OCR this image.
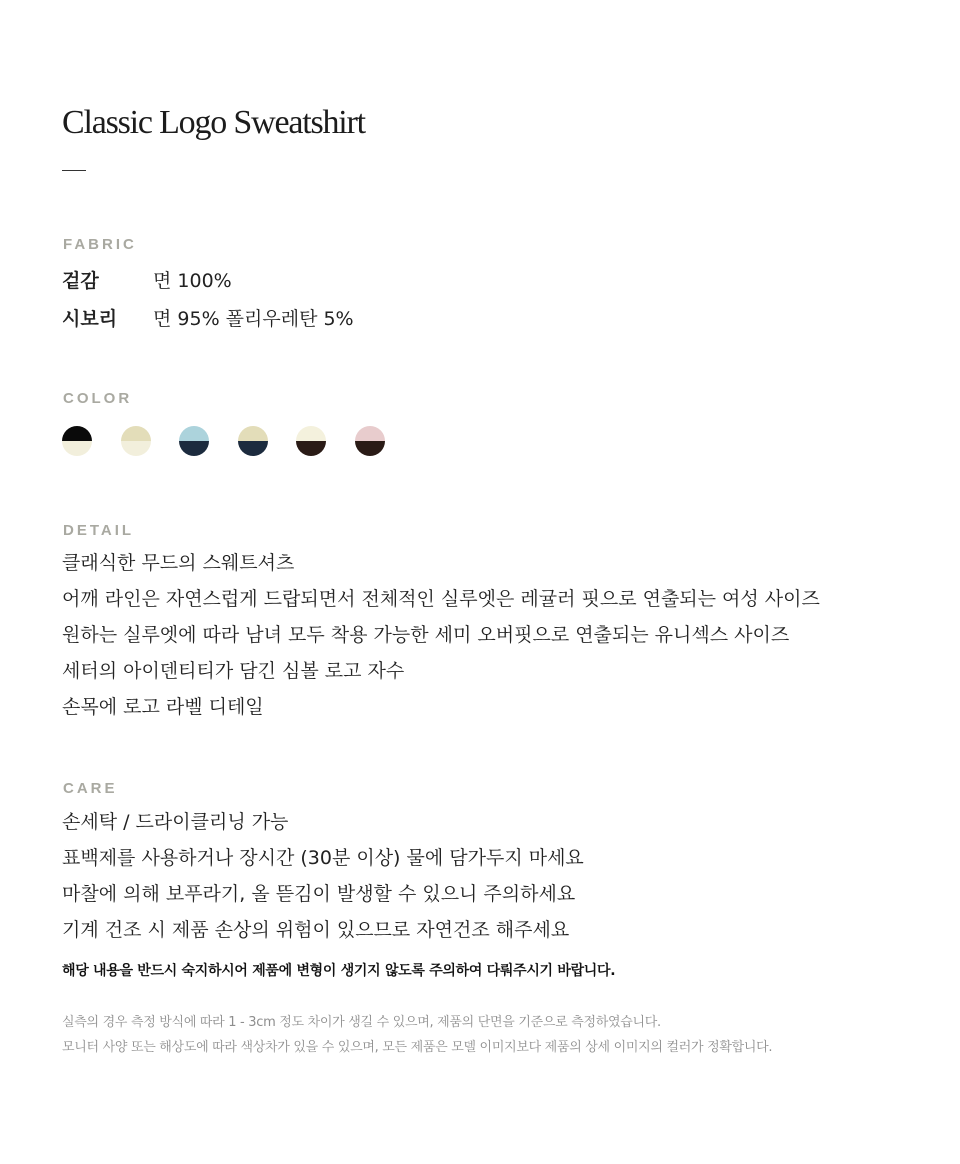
Classic Logo Sweatshirt
FABRIC
겉감	면 100%
시보리 면 95% 폴리우레탄 5%
COLOR
DETAIL
클래식한 무드의 스웨트셔츠
어깨 라인은 자연스럽게 드랍되면서 전체적인 실루엣은 레귤러 핏으로 연출되는 여성 사이즈
원하는 실루엣에 따라 남녀 모두 착용 가능한 세미 오버핏으로 연출되는 유니섹스 사이즈
세터의 아이덴티티가 담긴 심볼 로고 자수
손목에 로고 라벨 디테일
CARE
손세탁 / 드라이클리닝 가능
표백제를 사용하거나 장시간 (30분 이상) 물에 담가두지 마세요
마찰에 의해 보푸라기, 올 뜯김이 발생할 수 있으니 주의하세요
기계 건조 시 제품 손상의 위험이 있으므로 자연건조 해주세요
해당 내용을 반드시 숙지하시어 제품에 변형이 생기지 않도록 주의하여 다뤄주시기 바랍니다.
실측의 경우 측정 방식에 따라 1 - 3cm 정도 차이가 생길 수 있으며, 제품의 단면을 기준으로 측정하였습니다.
모니터 사양 또는 해상도에 따라 색상차가 있을 수 있으며, 모든 제품은 모델 이미지보다 제품의 상세 이미지의 컬러가 정확합니다.
